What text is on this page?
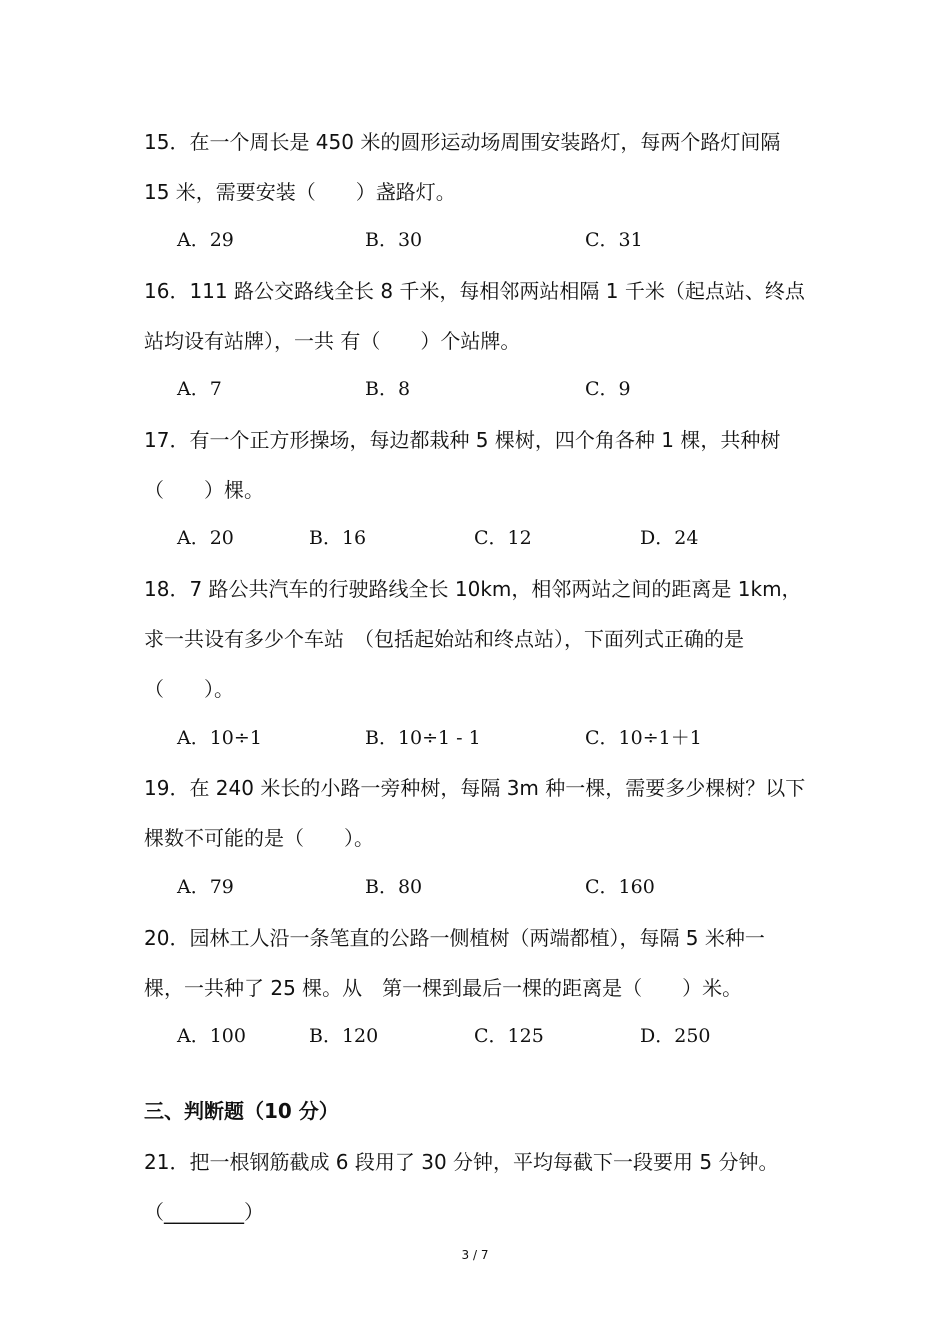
15．在一个周长是 450 米的圆形运动场周围安装路灯，每两个路灯间隔
15 米，需要安装（　　）盏路灯。
A．29	B．30	C．31
16．111 路公交路线全长 8 千米，每相邻两站相隔 1 千米（起点站、终点
站均设有站牌），一共 有（　　）个站牌。
A．7	B．8	C．9
17．有一个正方形操场，每边都栽种 5 棵树，四个角各种 1 棵，共种树
（　　）棵。
A．20	B．16	C．12	D．24
18．7 路公共汽车的行驶路线全长 10km，相邻两站之间的距离是 1km，
求一共设有多少个车站　（包括起始站和终点站），下面列式正确的是
（　　）。
A．10÷1	B．10÷1 - 1	C．10÷1＋1
19．在 240 米长的小路一旁种树，每隔 3m 种一棵，需要多少棵树？以下
棵数不可能的是（　　）。
A．79	B．80	C．160
20．园林工人沿一条笔直的公路一侧植树（两端都植），每隔 5 米种一
棵，一共种了 25 棵。从　第一棵到最后一棵的距离是（　　）米。
A．100	B．120	C．125	D．250
三、判断题（10 分）
21．把一根钢筋截成 6 段用了 30 分钟，平均每截下一段要用 5 分钟。
（________）
3 / 7
